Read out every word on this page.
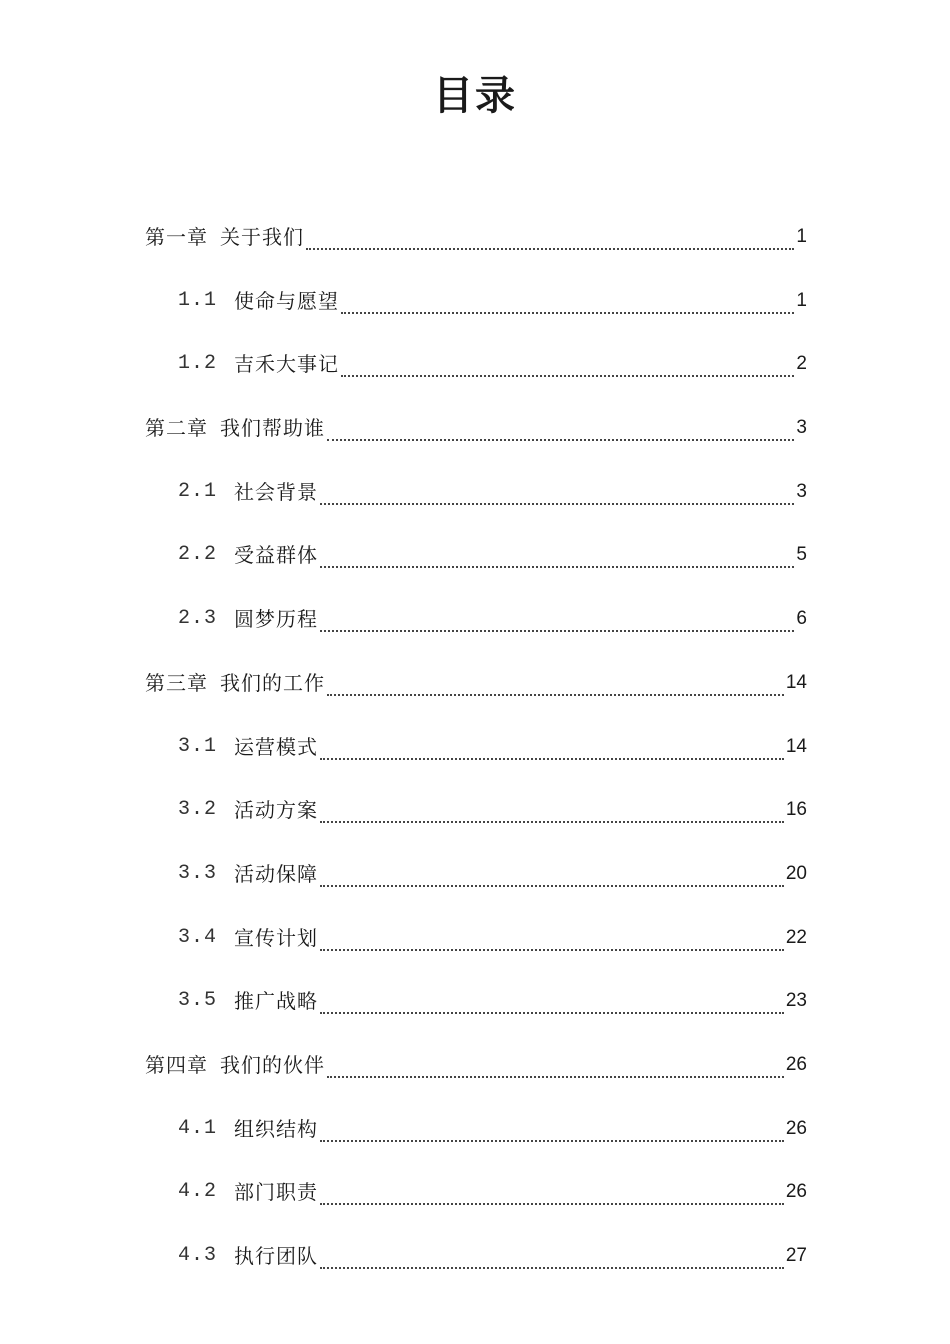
目录
第一章 关于我们	1
1.1 使命与愿望	1
1.2 吉禾大事记	2
第二章 我们帮助谁	3
2.1 社会背景	3
2.2 受益群体	5
2.3 圆梦历程	6
第三章 我们的工作	14
3.1 运营模式	14
3.2 活动方案	16
3.3 活动保障	20
3.4 宣传计划	22
3.5 推广战略	23
第四章 我们的伙伴	26
4.1 组织结构	26
4.2 部门职责	26
4.3 执行团队	27
